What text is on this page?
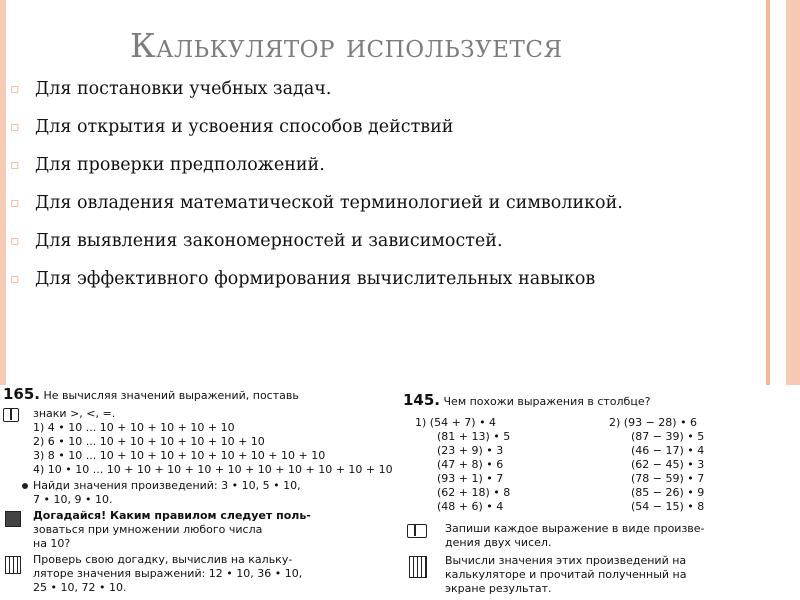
Калькулятор используется
▫ Для постановки учебных задач.
▫ Для открытия и усвоения способов действий
▫ Для проверки предположений.
▫ Для овладения математической терминологией и символикой.
▫ Для выявления закономерностей и зависимостей.
▫ Для эффективного формирования вычислительных навыков
165. Не вычисляя значений выражений, поставь
знаки >, <, =.
1) 4 • 10 ... 10 + 10 + 10 + 10 + 10
2) 6 • 10 ... 10 + 10 + 10 + 10 + 10 + 10
3) 8 • 10 ... 10 + 10 + 10 + 10 + 10 + 10 + 10 + 10
4) 10 • 10 ... 10 + 10 + 10 + 10 + 10 + 10 + 10 + 10 + 10 + 10
Найди значения произведений: 3 • 10, 5 • 10,
7 • 10, 9 • 10.
Догадайся! Каким правилом следует поль-
зоваться при умножении любого числа
на 10?
Проверь свою догадку, вычислив на кальку-
ляторе значения выражений: 12 • 10, 36 • 10,
25 • 10, 72 • 10.
145. Чем похожи выражения в столбце?
1) (54 + 7) • 4
(81 + 13) • 5
(23 + 9) • 3
(47 + 8) • 6
(93 + 1) • 7
(62 + 18) • 8
(48 + 6) • 4
2) (93 − 28) • 6
(87 − 39) • 5
(46 − 17) • 4
(62 − 45) • 3
(78 − 59) • 7
(85 − 26) • 9
(54 − 15) • 8
Запиши каждое выражение в виде произве-
дения двух чисел.
Вычисли значения этих произведений на
калькуляторе и прочитай полученный на
экране результат.
